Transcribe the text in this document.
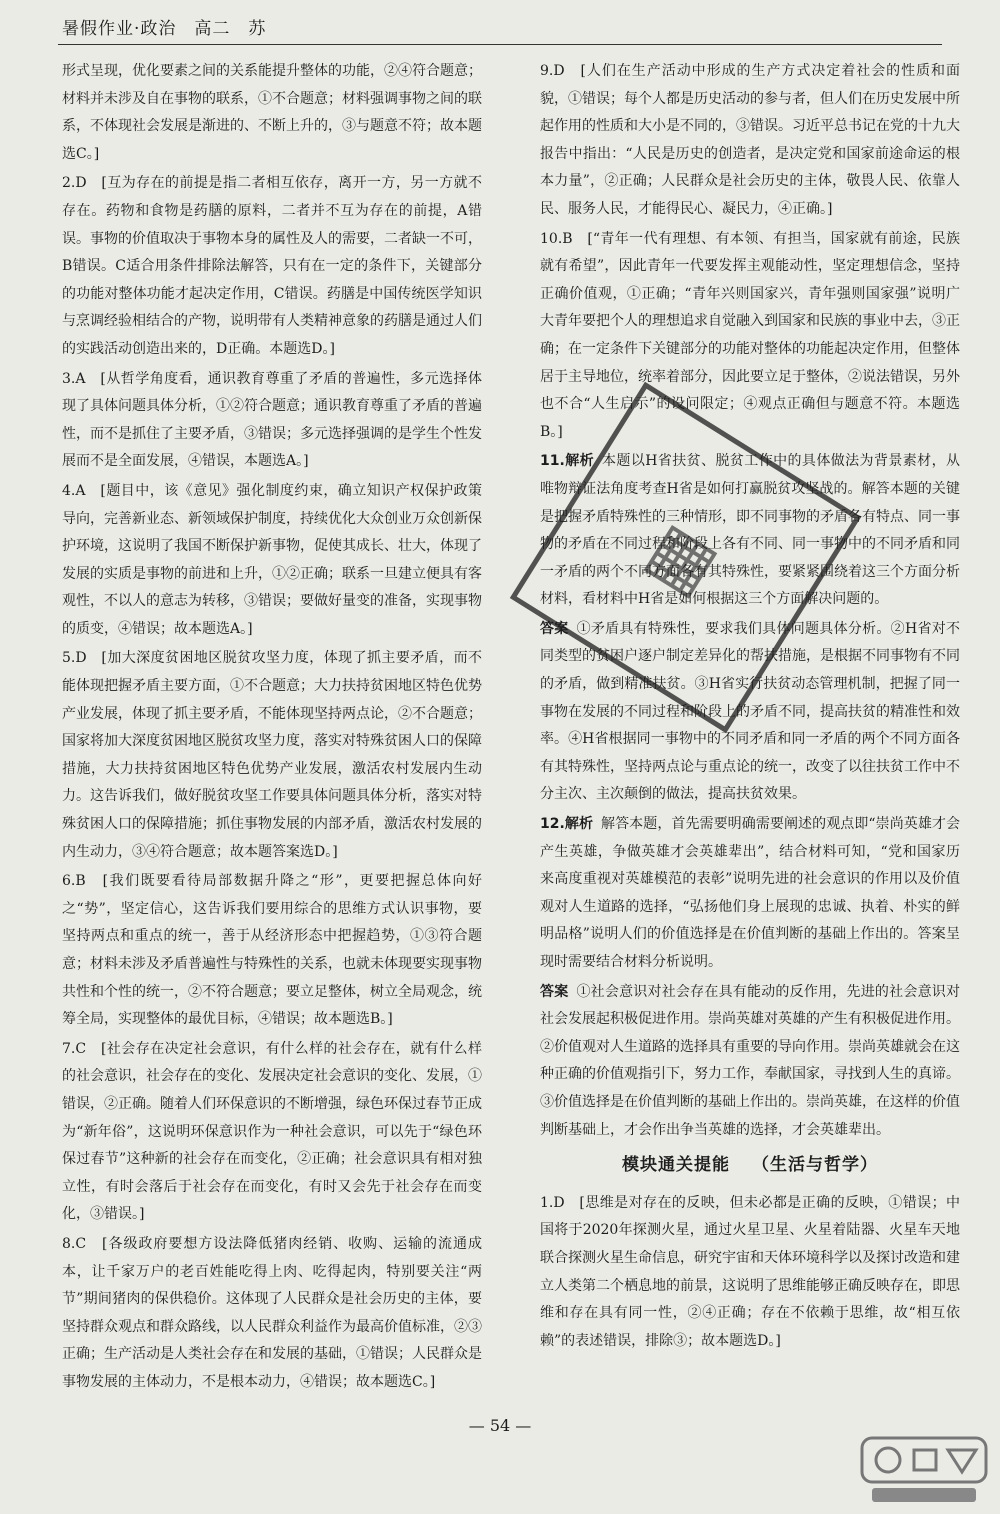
暑假作业·政治　高二　苏

形式呈现，优化要素之间的关系能提升整体的功能，②④符合题意；材料并未涉及自在事物的联系，①不合题意；材料强调事物之间的联系，不体现社会发展是渐进的、不断上升的，③与题意不符；故本题选C。]

2.D　[互为存在的前提是指二者相互依存，离开一方，另一方就不存在。药物和食物是药膳的原料，二者并不互为存在的前提，A错误。事物的价值取决于事物本身的属性及人的需要，二者缺一不可，B错误。C适合用条件排除法解答，只有在一定的条件下，关键部分的功能对整体功能才起决定作用，C错误。药膳是中国传统医学知识与烹调经验相结合的产物，说明带有人类精神意象的药膳是通过人们的实践活动创造出来的，D正确。本题选D。]

3.A　[从哲学角度看，通识教育尊重了矛盾的普遍性，多元选择体现了具体问题具体分析，①②符合题意；通识教育尊重了矛盾的普遍性，而不是抓住了主要矛盾，③错误；多元选择强调的是学生个性发展而不是全面发展，④错误，本题选A。]

4.A　[题目中，该《意见》强化制度约束，确立知识产权保护政策导向，完善新业态、新领域保护制度，持续优化大众创业万众创新保护环境，这说明了我国不断保护新事物，促使其成长、壮大，体现了发展的实质是事物的前进和上升，①②正确；联系一旦建立便具有客观性，不以人的意志为转移，③错误；要做好量变的准备，实现事物的质变，④错误；故本题选A。]

5.D　[加大深度贫困地区脱贫攻坚力度，体现了抓主要矛盾，而不能体现把握矛盾主要方面，①不合题意；大力扶持贫困地区特色优势产业发展，体现了抓主要矛盾，不能体现坚持两点论，②不合题意；国家将加大深度贫困地区脱贫攻坚力度，落实对特殊贫困人口的保障措施，大力扶持贫困地区特色优势产业发展，激活农村发展内生动力。这告诉我们，做好脱贫攻坚工作要具体问题具体分析，落实对特殊贫困人口的保障措施；抓住事物发展的内部矛盾，激活农村发展的内生动力，③④符合题意；故本题答案选D。]

6.B　[我们既要看待局部数据升降之“形”，更要把握总体向好之“势”，坚定信心，这告诉我们要用综合的思维方式认识事物，要坚持两点和重点的统一，善于从经济形态中把握趋势，①③符合题意；材料未涉及矛盾普遍性与特殊性的关系，也就未体现要实现事物共性和个性的统一，②不符合题意；要立足整体，树立全局观念，统筹全局，实现整体的最优目标，④错误；故本题选B。]

7.C　[社会存在决定社会意识，有什么样的社会存在，就有什么样的社会意识，社会存在的变化、发展决定社会意识的变化、发展，①错误，②正确。随着人们环保意识的不断增强，绿色环保过春节正成为“新年俗”，这说明环保意识作为一种社会意识，可以先于“绿色环保过春节”这种新的社会存在而变化，②正确；社会意识具有相对独立性，有时会落后于社会存在而变化，有时又会先于社会存在而变化，③错误。]

8.C　[各级政府要想方设法降低猪肉经销、收购、运输的流通成本，让千家万户的老百姓能吃得上肉、吃得起肉，特别要关注“两节”期间猪肉的保供稳价。这体现了人民群众是社会历史的主体，要坚持群众观点和群众路线，以人民群众利益作为最高价值标准，②③正确；生产活动是人类社会存在和发展的基础，①错误；人民群众是事物发展的主体动力，不是根本动力，④错误；故本题选C。]

9.D　[人们在生产活动中形成的生产方式决定着社会的性质和面貌，①错误；每个人都是历史活动的参与者，但人们在历史发展中所起作用的性质和大小是不同的，③错误。习近平总书记在党的十九大报告中指出：“人民是历史的创造者，是决定党和国家前途命运的根本力量”，②正确；人民群众是社会历史的主体，敬畏人民、依靠人民、服务人民，才能得民心、凝民力，④正确。]

10.B　[“青年一代有理想、有本领、有担当，国家就有前途，民族就有希望”，因此青年一代要发挥主观能动性，坚定理想信念，坚持正确价值观，①正确；“青年兴则国家兴，青年强则国家强”说明广大青年要把个人的理想追求自觉融入到国家和民族的事业中去，③正确；在一定条件下关键部分的功能对整体的功能起决定作用，但整体居于主导地位，统率着部分，因此要立足于整体，②说法错误，另外也不合“人生启示”的设问限定；④观点正确但与题意不符。本题选B。]

11.解析 本题以H省扶贫、脱贫工作中的具体做法为背景素材，从唯物辩证法角度考查H省是如何打赢脱贫攻坚战的。解答本题的关键是把握矛盾特殊性的三种情形，即不同事物的矛盾各有特点、同一事物的矛盾在不同过程和阶段上各有不同、同一事物中的不同矛盾和同一矛盾的两个不同方面各有其特殊性，要紧紧围绕着这三个方面分析材料，看材料中H省是如何根据这三个方面解决问题的。

答案 ①矛盾具有特殊性，要求我们具体问题具体分析。②H省对不同类型的贫困户逐户制定差异化的帮扶措施，是根据不同事物有不同的矛盾，做到精准扶贫。③H省实行扶贫动态管理机制，把握了同一事物在发展的不同过程和阶段上的矛盾不同，提高扶贫的精准性和效率。④H省根据同一事物中的不同矛盾和同一矛盾的两个不同方面各有其特殊性，坚持两点论与重点论的统一，改变了以往扶贫工作中不分主次、主次颠倒的做法，提高扶贫效果。

12.解析 解答本题，首先需要明确需要阐述的观点即“崇尚英雄才会产生英雄，争做英雄才会英雄辈出”，结合材料可知，“党和国家历来高度重视对英雄模范的表彰”说明先进的社会意识的作用以及价值观对人生道路的选择，“弘扬他们身上展现的忠诚、执着、朴实的鲜明品格”说明人们的价值选择是在价值判断的基础上作出的。答案呈现时需要结合材料分析说明。

答案 ①社会意识对社会存在具有能动的反作用，先进的社会意识对社会发展起积极促进作用。崇尚英雄对英雄的产生有积极促进作用。②价值观对人生道路的选择具有重要的导向作用。崇尚英雄就会在这种正确的价值观指引下，努力工作，奉献国家，寻找到人生的真谛。③价值选择是在价值判断的基础上作出的。崇尚英雄，在这样的价值判断基础上，才会作出争当英雄的选择，才会英雄辈出。

模块通关提能 （生活与哲学）

1.D　[思维是对存在的反映，但未必都是正确的反映，①错误；中国将于2020年探测火星，通过火星卫星、火星着陆器、火星车天地联合探测火星生命信息，研究宇宙和天体环境科学以及探讨改造和建立人类第二个栖息地的前景，这说明了思维能够正确反映存在，即思维和存在具有同一性，②④正确；存在不依赖于思维，故“相互依赖”的表述错误，排除③；故本题选D。]

▦
— 54 —
